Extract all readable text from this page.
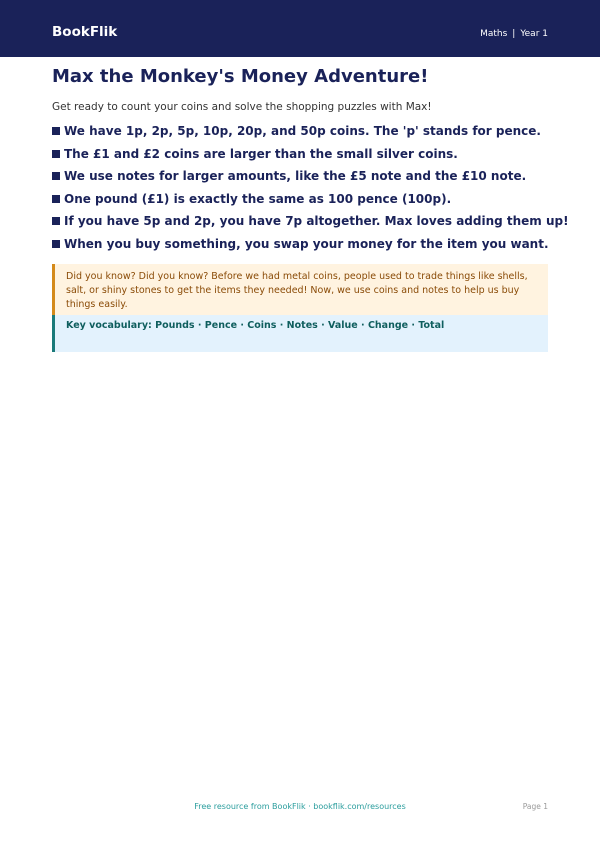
BookFlik	Maths | Year 1
Max the Monkey's Money Adventure!

Get ready to count your coins and solve the shopping puzzles with Max!

We have 1p, 2p, 5p, 10p, 20p, and 50p coins. The 'p' stands for pence.
The £1 and £2 coins are larger than the small silver coins.
We use notes for larger amounts, like the £5 note and the £10 note.
One pound (£1) is exactly the same as 100 pence (100p).
If you have 5p and 2p, you have 7p altogether. Max loves adding them up!
When you buy something, you swap your money for the item you want.
Did you know? Did you know? Before we had metal coins, people used to trade things like shells, salt, or shiny stones to get the items they needed! Now, we use coins and notes to help us buy things easily.
Key vocabulary: Pounds · Pence · Coins · Notes · Value · Change · Total
Free resource from BookFlik · bookflik.com/resources	Page 1
